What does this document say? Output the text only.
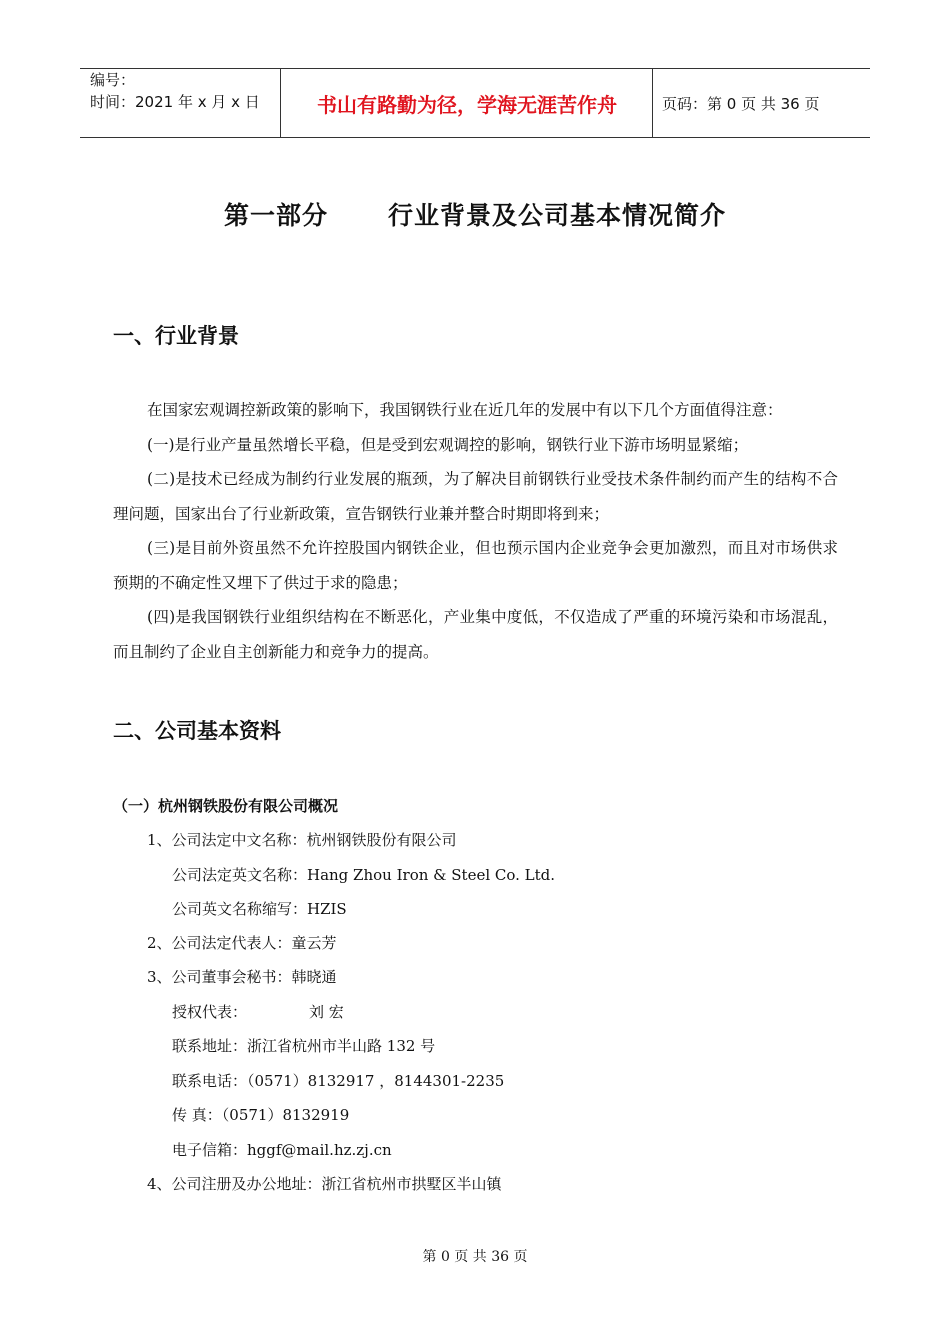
编号：
时间：2021 年 x 月 x 日	书山有路勤为径，学海无涯苦作舟	页码：第 0 页 共 36 页
第一部分 行业背景及公司基本情况简介
一、行业背景

在国家宏观调控新政策的影响下，我国钢铁行业在近几年的发展中有以下几个方面值得注意：

(一)是行业产量虽然增长平稳，但是受到宏观调控的影响，钢铁行业下游市场明显紧缩；

(二)是技术已经成为制约行业发展的瓶颈，为了解决目前钢铁行业受技术条件制约而产生的结构不合理问题，国家出台了行业新政策，宣告钢铁行业兼并整合时期即将到来；

(三)是目前外资虽然不允许控股国内钢铁企业，但也预示国内企业竞争会更加激烈，而且对市场供求预期的不确定性又埋下了供过于求的隐患；

(四)是我国钢铁行业组织结构在不断恶化，产业集中度低，不仅造成了严重的环境污染和市场混乱，而且制约了企业自主创新能力和竞争力的提高。

二、公司基本资料
（一）杭州钢铁股份有限公司概况
1、公司法定中文名称：杭州钢铁股份有限公司
公司法定英文名称：Hang Zhou Iron & Steel Co. Ltd.
公司英文名称缩写：HZIS
2、公司法定代表人：童云芳
3、公司董事会秘书：韩晓通
授权代表：	刘 宏
联系地址：浙江省杭州市半山路 132 号
联系电话：（0571）8132917 ，8144301-2235
传 真：（0571）8132919
电子信箱：hggf@mail.hz.zj.cn
4、公司注册及办公地址：浙江省杭州市拱墅区半山镇
第 0 页 共 36 页
